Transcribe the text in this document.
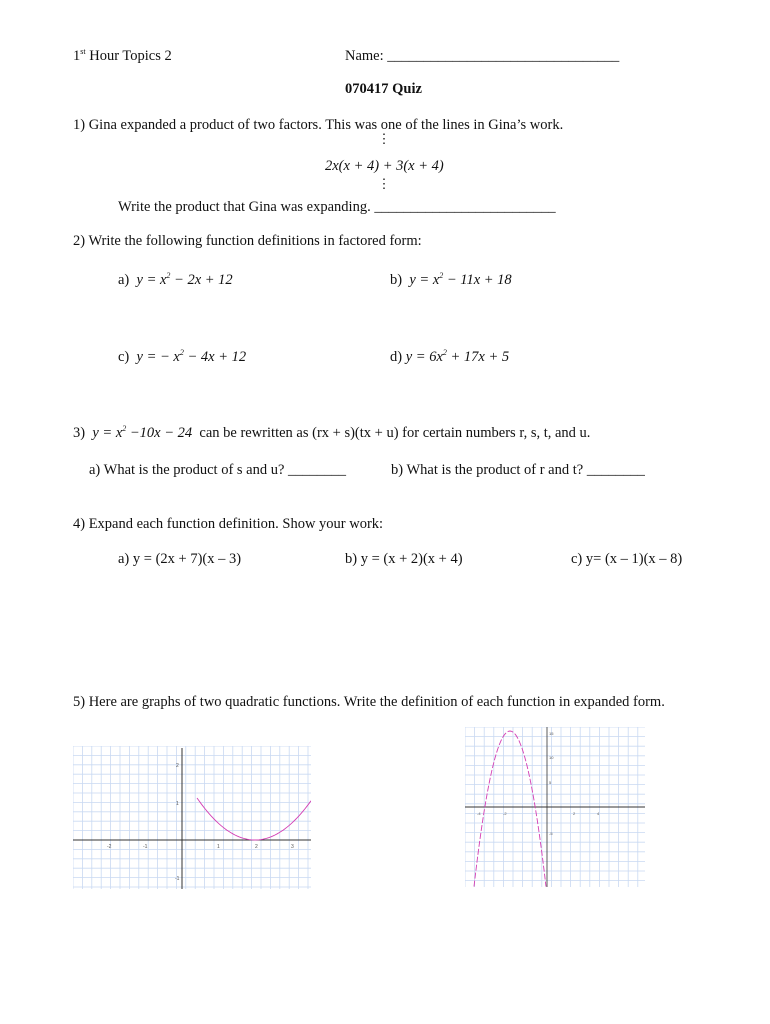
1st Hour Topics 2	Name: ________________________________
070417 Quiz
1) Gina expanded a product of two factors. This was one of the lines in Gina’s work.
⋮
2x(x + 4) + 3(x + 4)
⋮
Write the product that Gina was expanding. _________________________
2) Write the following function definitions in factored form:
a) $y = x^2 - 2x + 12$	b) $y = x^2 - 11x + 18$
c) y = − $x^2 - 4x + 12$	d) $y = 6x^2 + 17x + 5$
3) $y = x^2 -10x - 24$ can be rewritten as (rx + s)(tx + u) for certain numbers r, s, t, and u.
a) What is the product of s and u? ________	b) What is the product of r and t? ________
4) Expand each function definition. Show your work:
a) y = (2x + 7)(x – 3)	b) y = (x + 2)(x + 4)	c) y= (x – 1)(x – 8)
5) Here are graphs of two quadratic functions. Write the definition of each function in expanded form.
-2	-1	1	2	3
2
1
-1
-4	-2	2	4
15
10
5
-5
